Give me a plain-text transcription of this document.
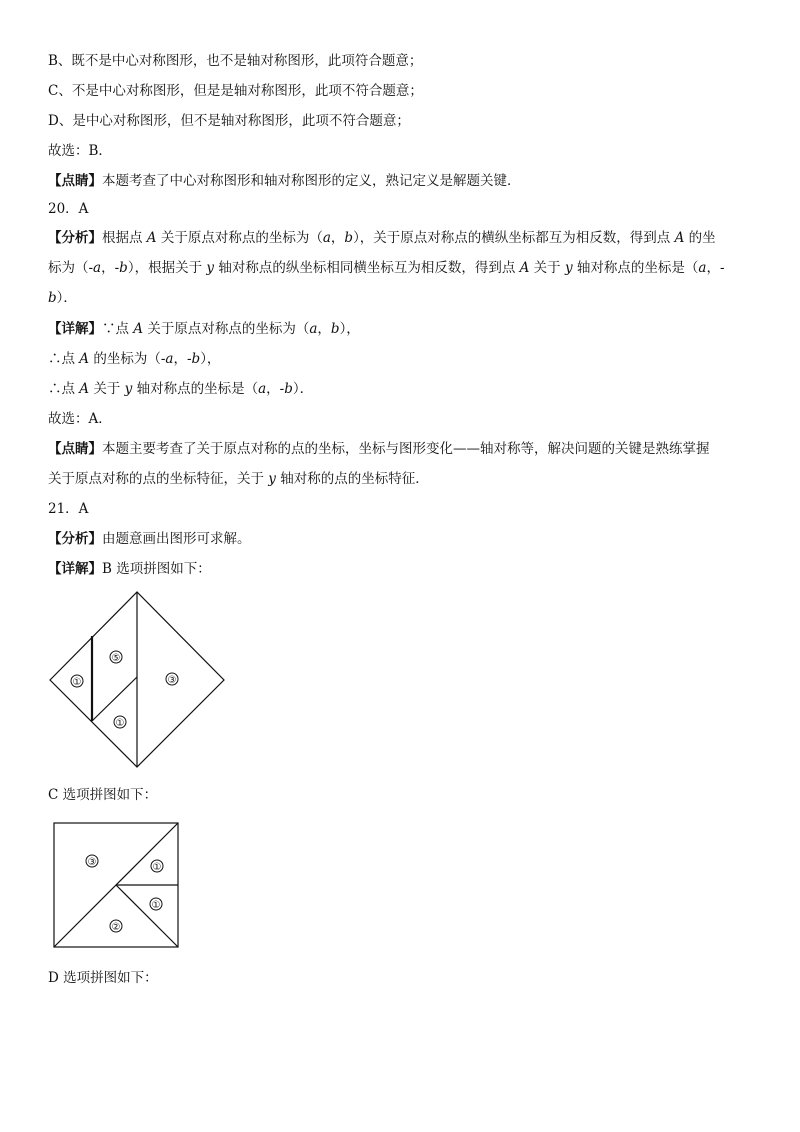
B、既不是中心对称图形，也不是轴对称图形，此项符合题意；
C、不是中心对称图形，但是是轴对称图形，此项不符合题意；
D、是中心对称图形，但不是轴对称图形，此项不符合题意；
故选：B．
【点睛】本题考查了中心对称图形和轴对称图形的定义，熟记定义是解题关键．
20．A
【分析】根据点 A 关于原点对称点的坐标为（a，b），关于原点对称点的横纵坐标都互为相反数，得到点 A 的坐
标为（-a，-b），根据关于 y 轴对称点的纵坐标相同横坐标互为相反数，得到点 A 关于 y 轴对称点的坐标是（a，-
b）．
【详解】∵点 A 关于原点对称点的坐标为（a，b），
∴点 A 的坐标为（-a，-b），
∴点 A 关于 y 轴对称点的坐标是（a，-b）．
故选：A．
【点睛】本题主要考查了关于原点对称的点的坐标，坐标与图形变化——轴对称等，解决问题的关键是熟练掌握
关于原点对称的点的坐标特征，关于 y 轴对称的点的坐标特征．
21．A
【分析】由题意画出图形可求解。
【详解】B 选项拼图如下：
①
⑤
①
③
C 选项拼图如下：
③	①
①
②
D 选项拼图如下：
